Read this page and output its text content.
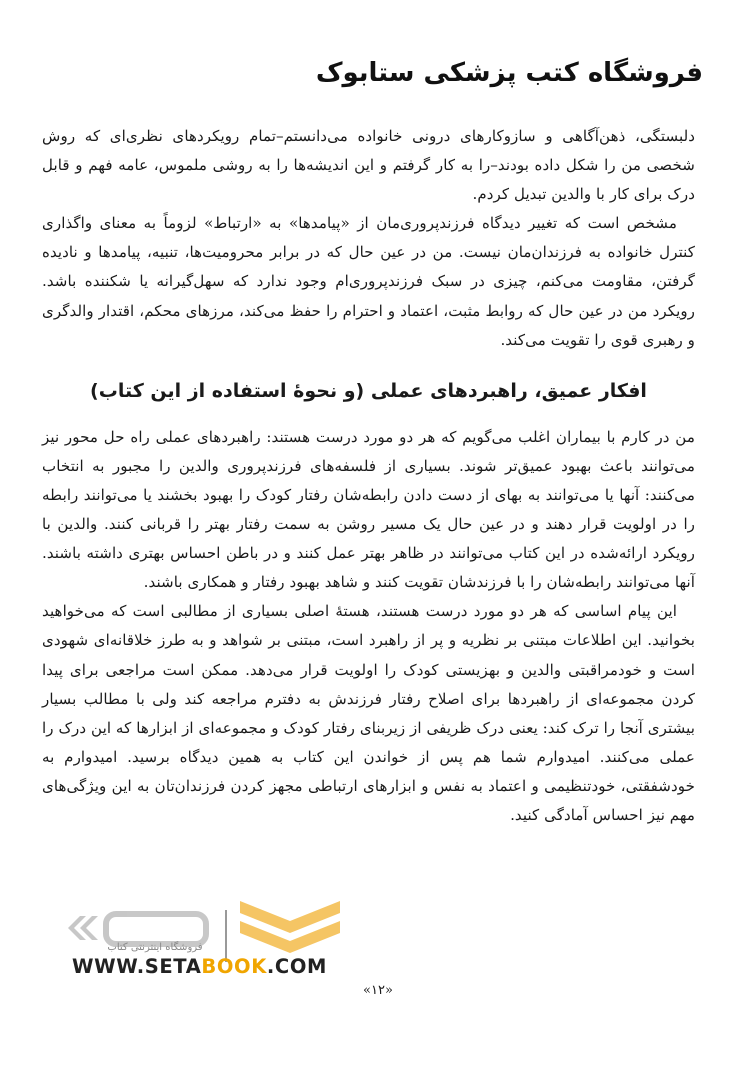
فروشگاه کتب پزشکی ستابوک

دلبستگی، ذهن‌آگاهی و سازوکارهای درونی خانواده می‌دانستم–تمام رویکردهای نظری‌ای که روش شخصی من را شکل داده بودند–را به کار گرفتم و این اندیشه‌ها را به روشی ملموس، عامه فهم و قابل درک برای کار با والدین تبدیل کردم.

مشخص است که تغییر دیدگاه فرزندپروری‌مان از «پیامدها» به «ارتباط» لزوماً به معنای واگذاری کنترل خانواده به فرزندان‌مان نیست. من در عین حال که در برابر محرومیت‌ها، تنبیه، پیامدها و نادیده گرفتن، مقاومت می‌کنم، چیزی در سبک فرزندپروری‌ام وجود ندارد که سهل‌گیرانه یا شکننده باشد. رویکرد من در عین حال که روابط مثبت، اعتماد و احترام را حفظ می‌کند، مرزهای محکم، اقتدار والدگری و رهبری قوی را تقویت می‌کند.

افکار عمیق، راهبردهای عملی (و نحوهٔ استفاده از این کتاب)

من در کارم با بیماران اغلب می‌گویم که هر دو مورد درست هستند: راهبردهای عملی راه حل محور نیز می‌توانند باعث بهبود عمیق‌تر شوند. بسیاری از فلسفه‌های فرزندپروری والدین را مجبور به انتخاب می‌کنند: آنها یا می‌توانند به بهای از دست دادن رابطه‌شان رفتار کودک را بهبود بخشند یا می‌توانند رابطه را در اولویت قرار دهند و در عین حال یک مسیر روشن به سمت رفتار بهتر را قربانی کنند. والدین با رویکرد ارائه‌شده در این کتاب می‌توانند در ظاهر بهتر عمل کنند و در باطن احساس بهتری داشته باشند. آنها می‌توانند رابطه‌شان را با فرزندشان تقویت کنند و شاهد بهبود رفتار و همکاری باشند.

این پیام اساسی که هر دو مورد درست هستند، هستهٔ اصلی بسیاری از مطالبی است که می‌خواهید بخوانید. این اطلاعات مبتنی بر نظریه و پر از راهبرد است، مبتنی بر شواهد و به طرز خلاقانه‌ای شهودی است و خودمراقبتی والدین و بهزیستی کودک را اولویت قرار می‌دهد. ممکن است مراجعی برای پیدا کردن مجموعه‌ای از راهبردها برای اصلاح رفتار فرزندش به دفترم مراجعه کند ولی با مطالب بسیار بیشتری آنجا را ترک کند: یعنی درک ظریفی از زیربنای رفتار کودک و مجموعه‌ای از ابزارها که این درک را عملی می‌کنند. امیدوارم شما هم پس از خواندن این کتاب به همین دیدگاه برسید. امیدوارم به خودشفقتی، خودتنظیمی و اعتماد به نفس و ابزارهای ارتباطی مجهز کردن فرزندان‌تان به این ویژگی‌های مهم نیز احساس آمادگی کنید.

«۱۲»
فروشگاه اینترنتی کتاب
WWW.SETABOOK.COM
